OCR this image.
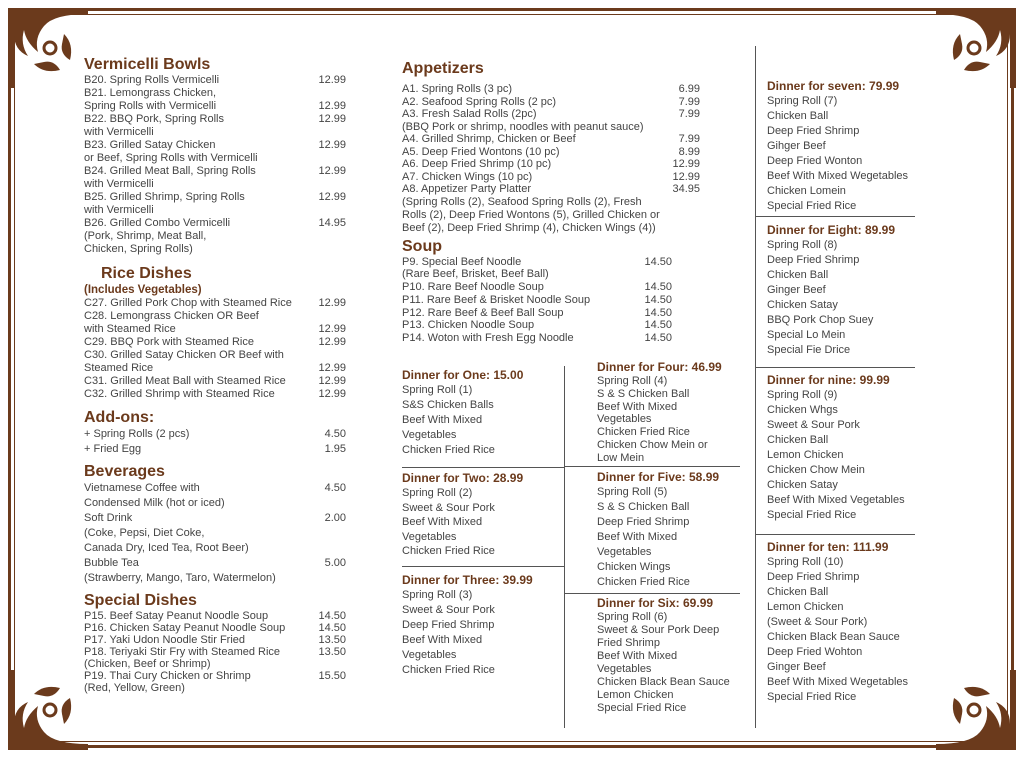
Vermicelli Bowls
B20. Spring Rolls Vermicelli	12.99
B21. Lemongrass Chicken,
Spring Rolls with Vermicelli	12.99
B22. BBQ Pork, Spring Rolls	12.99
with Vermicelli
B23. Grilled Satay Chicken	12.99
or Beef, Spring Rolls with Vermicelli
B24. Grilled Meat Ball, Spring Rolls	12.99
with Vermicelli
B25. Grilled Shrimp, Spring Rolls	12.99
with Vermicelli
B26. Grilled Combo Vermicelli	14.95
(Pork, Shrimp, Meat Ball,
Chicken, Spring Rolls)
Rice Dishes
(Includes Vegetables)
C27. Grilled Pork Chop with Steamed Rice	12.99
C28. Lemongrass Chicken OR Beef
with Steamed Rice	12.99
C29. BBQ Pork with Steamed Rice	12.99
C30. Grilled Satay Chicken OR Beef with
Steamed Rice	12.99
C31. Grilled Meat Ball with Steamed Rice	12.99
C32. Grilled Shrimp with Steamed Rice	12.99
Add-ons:
+ Spring Rolls (2 pcs)	4.50
+ Fried Egg	1.95
Beverages
Vietnamese Coffee with	4.50
Condensed Milk (hot or iced)
Soft Drink	2.00
(Coke, Pepsi, Diet Coke,
Canada Dry, Iced Tea, Root Beer)
Bubble Tea	5.00
(Strawberry, Mango, Taro, Watermelon)
Special Dishes
P15. Beef Satay Peanut Noodle Soup	14.50
P16. Chicken Satay Peanut Noodle Soup	14.50
P17. Yaki Udon Noodle Stir Fried	13.50
P18. Teriyaki Stir Fry with Steamed Rice	13.50
(Chicken, Beef or Shrimp)
P19. Thai Cury Chicken or Shrimp	15.50
(Red, Yellow, Green)
Appetizers
A1. Spring Rolls (3 pc)	6.99
A2. Seafood Spring Rolls (2 pc)	7.99
A3. Fresh Salad Rolls (2pc)	7.99
(BBQ Pork or shrimp, noodles with peanut sauce)
A4. Grilled Shrimp, Chicken or Beef	7.99
A5. Deep Fried Wontons (10 pc)	8.99
A6. Deep Fried Shrimp (10 pc)	12.99
A7. Chicken Wings (10 pc)	12.99
A8. Appetizer Party Platter	34.95
(Spring Rolls (2), Seafood Spring Rolls (2), Fresh
Rolls (2), Deep Fried Wontons (5), Grilled Chicken or
Beef (2), Deep Fried Shrimp (4), Chicken Wings (4))
Soup
P9. Special Beef Noodle	14.50
(Rare Beef, Brisket, Beef Ball)
P10. Rare Beef Noodle Soup	14.50
P11. Rare Beef & Brisket Noodle Soup	14.50
P12. Rare Beef & Beef Ball Soup	14.50
P13. Chicken Noodle Soup	14.50
P14. Woton with Fresh Egg Noodle	14.50
Dinner for One: 15.00
Spring Roll (1)
S&S Chicken Balls
Beef With Mixed
Vegetables
Chicken Fried Rice
Dinner for Two: 28.99
Spring Roll (2)
Sweet & Sour Pork
Beef With Mixed
Vegetables
Chicken Fried Rice
Dinner for Three: 39.99
Spring Roll (3)
Sweet & Sour Pork
Deep Fried Shrimp
Beef With Mixed
Vegetables
Chicken Fried Rice
Dinner for Four: 46.99
Spring Roll (4)
S & S Chicken Ball
Beef With Mixed
Vegetables
Chicken Fried Rice
Chicken Chow Mein or
Low Mein
Dinner for Five: 58.99
Spring Roll (5)
S & S Chicken Ball
Deep Fried Shrimp
Beef With Mixed
Vegetables
Chicken Wings
Chicken Fried Rice
Dinner for Six: 69.99
Spring Roll (6)
Sweet & Sour Pork Deep
Fried Shrimp
Beef With Mixed
Vegetables
Chicken Black Bean Sauce
Lemon Chicken
Special Fried Rice
Dinner for seven: 79.99
Spring Roll (7)
Chicken Ball
Deep Fried Shrimp
Gihger Beef
Deep Fried Wonton
Beef With Mixed Wegetables
Chicken Lomein
Special Fried Rice
Dinner for Eight: 89.99
Spring Roll (8)
Deep Fried Shrimp
Chicken Ball
Ginger Beef
Chicken Satay
BBQ Pork Chop Suey
Special Lo Mein
Special Fie Drice
Dinner for nine: 99.99
Spring Roll (9)
Chicken Whgs
Sweet & Sour Pork
Chicken Ball
Lemon Chicken
Chicken Chow Mein
Chicken Satay
Beef With Mixed Vegetables
Special Fried Rice
Dinner for ten: 111.99
Spring Roll (10)
Deep Fried Shrimp
Chicken Ball
Lemon Chicken
(Sweet & Sour Pork)
Chicken Black Bean Sauce
Deep Fried Wohton
Ginger Beef
Beef With Mixed Wegetables
Special Fried Rice
